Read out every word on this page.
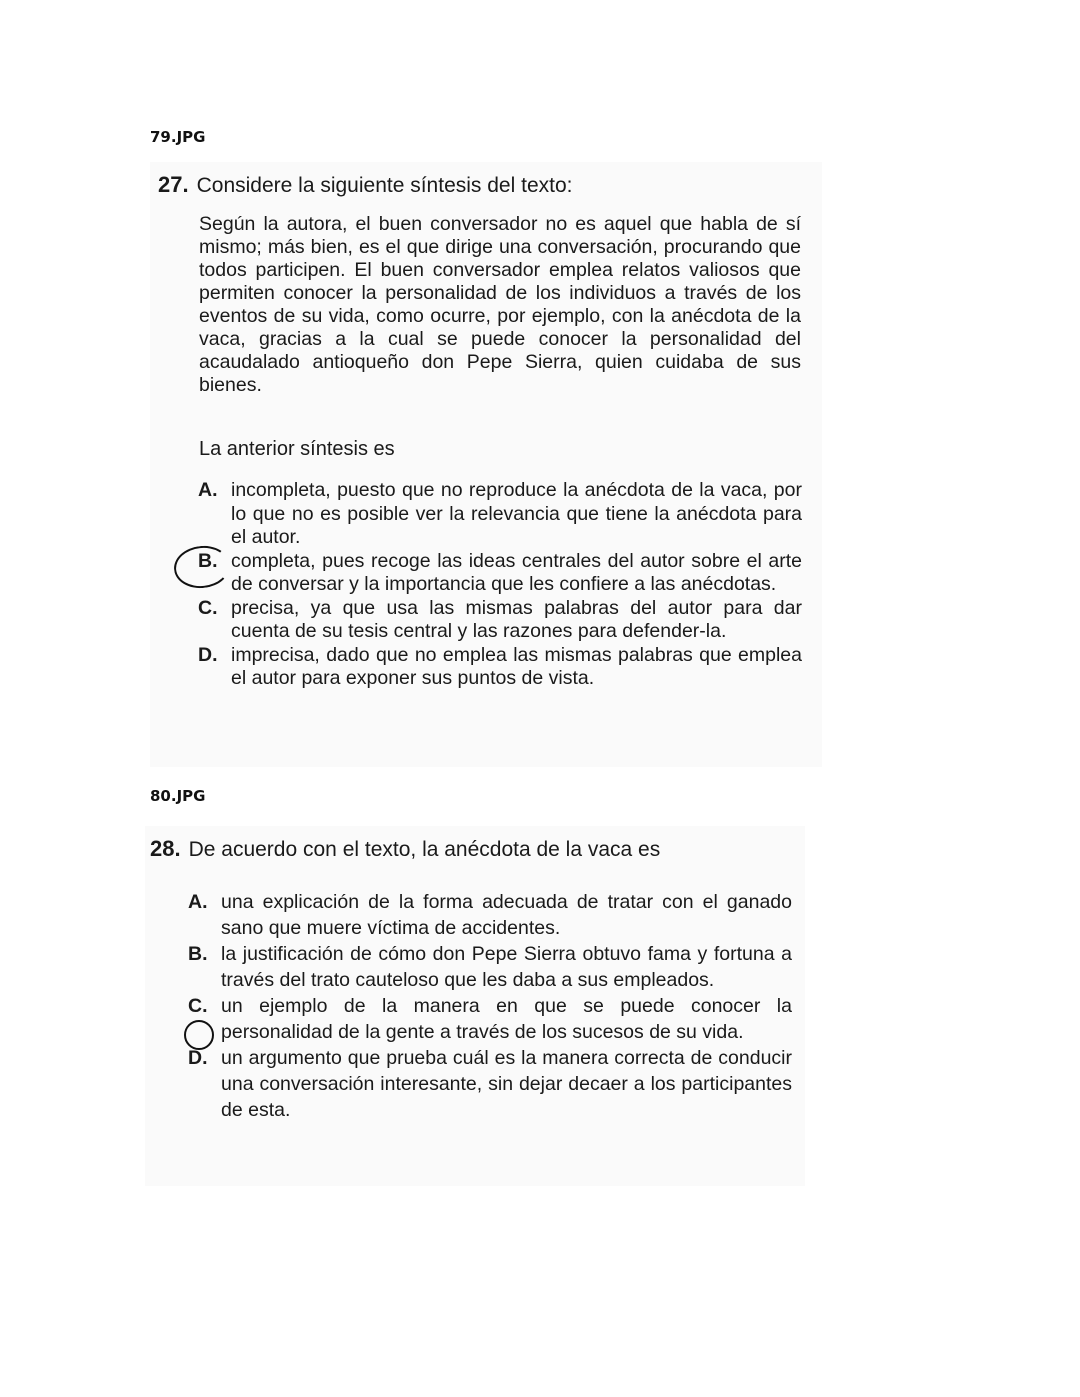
79.JPG
27. Considere la siguiente síntesis del texto:

Según la autora, el buen conversador no es aquel que habla de sí mismo; más bien, es el que dirige una conversación, procurando que todos participen. El buen conversador emplea relatos valiosos que permiten conocer la personalidad de los individuos a través de los eventos de su vida, como ocurre, por ejemplo, con la anécdota de la vaca, gracias a la cual se puede conocer la personalidad del acaudalado antioqueño don Pepe Sierra, quien cuidaba de sus bienes.

La anterior síntesis es

A. incompleta, puesto que no reproduce la anécdota de la vaca, por lo que no es posible ver la relevancia que tiene la anécdota para el autor.
B. completa, pues recoge las ideas centrales del autor sobre el arte de conversar y la importancia que les confiere a las anécdotas.
C. precisa, ya que usa las mismas palabras del autor para dar cuenta de su tesis central y las razones para defender-la.
D. imprecisa, dado que no emplea las mismas palabras que emplea el autor para exponer sus puntos de vista.
80.JPG
28. De acuerdo con el texto, la anécdota de la vaca es
A. una explicación de la forma adecuada de tratar con el ganado sano que muere víctima de accidentes.
B. la justificación de cómo don Pepe Sierra obtuvo fama y fortuna a través del trato cauteloso que les daba a sus empleados.
C. un ejemplo de la manera en que se puede conocer la personalidad de la gente a través de los sucesos de su vida.
D. un argumento que prueba cuál es la manera correcta de conducir una conversación interesante, sin dejar decaer a los participantes de esta.
